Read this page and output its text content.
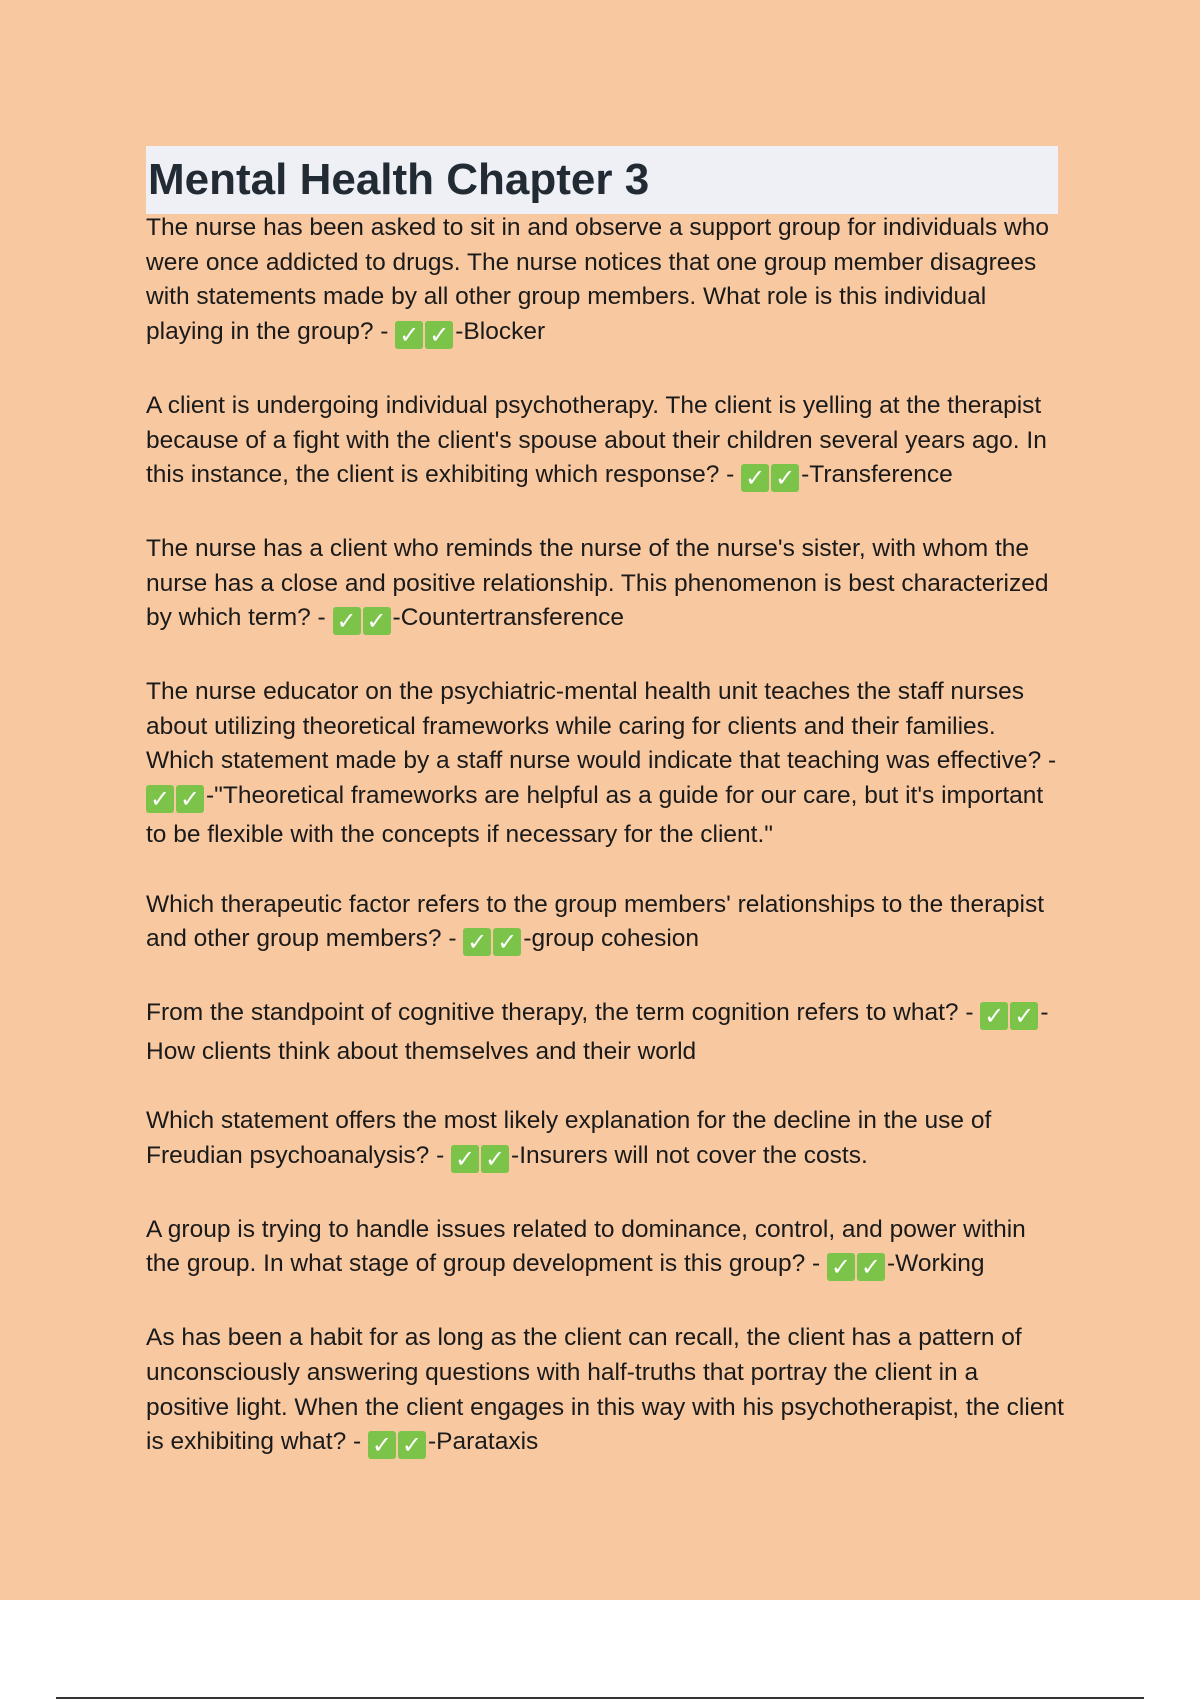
Mental Health Chapter 3

The nurse has been asked to sit in and observe a support group for individuals who were once addicted to drugs. The nurse notices that one group member disagrees with statements made by all other group members. What role is this individual playing in the group? - ✓ ✓ -Blocker

A client is undergoing individual psychotherapy. The client is yelling at the therapist because of a fight with the client's spouse about their children several years ago. In this instance, the client is exhibiting which response? - ✓ ✓ -Transference

The nurse has a client who reminds the nurse of the nurse's sister, with whom the nurse has a close and positive relationship. This phenomenon is best characterized by which term? - ✓ ✓ -Countertransference

The nurse educator on the psychiatric-mental health unit teaches the staff nurses about utilizing theoretical frameworks while caring for clients and their families. Which statement made by a staff nurse would indicate that teaching was effective? - ✓ ✓ -"Theoretical frameworks are helpful as a guide for our care, but it's important to be flexible with the concepts if necessary for the client."

Which therapeutic factor refers to the group members' relationships to the therapist and other group members? - ✓ ✓ -group cohesion

From the standpoint of cognitive therapy, the term cognition refers to what? - ✓ ✓ -How clients think about themselves and their world

Which statement offers the most likely explanation for the decline in the use of Freudian psychoanalysis? - ✓ ✓ -Insurers will not cover the costs.

A group is trying to handle issues related to dominance, control, and power within the group. In what stage of group development is this group? - ✓ ✓ -Working

As has been a habit for as long as the client can recall, the client has a pattern of unconsciously answering questions with half-truths that portray the client in a positive light. When the client engages in this way with his psychotherapist, the client is exhibiting what? - ✓ ✓ -Parataxis
